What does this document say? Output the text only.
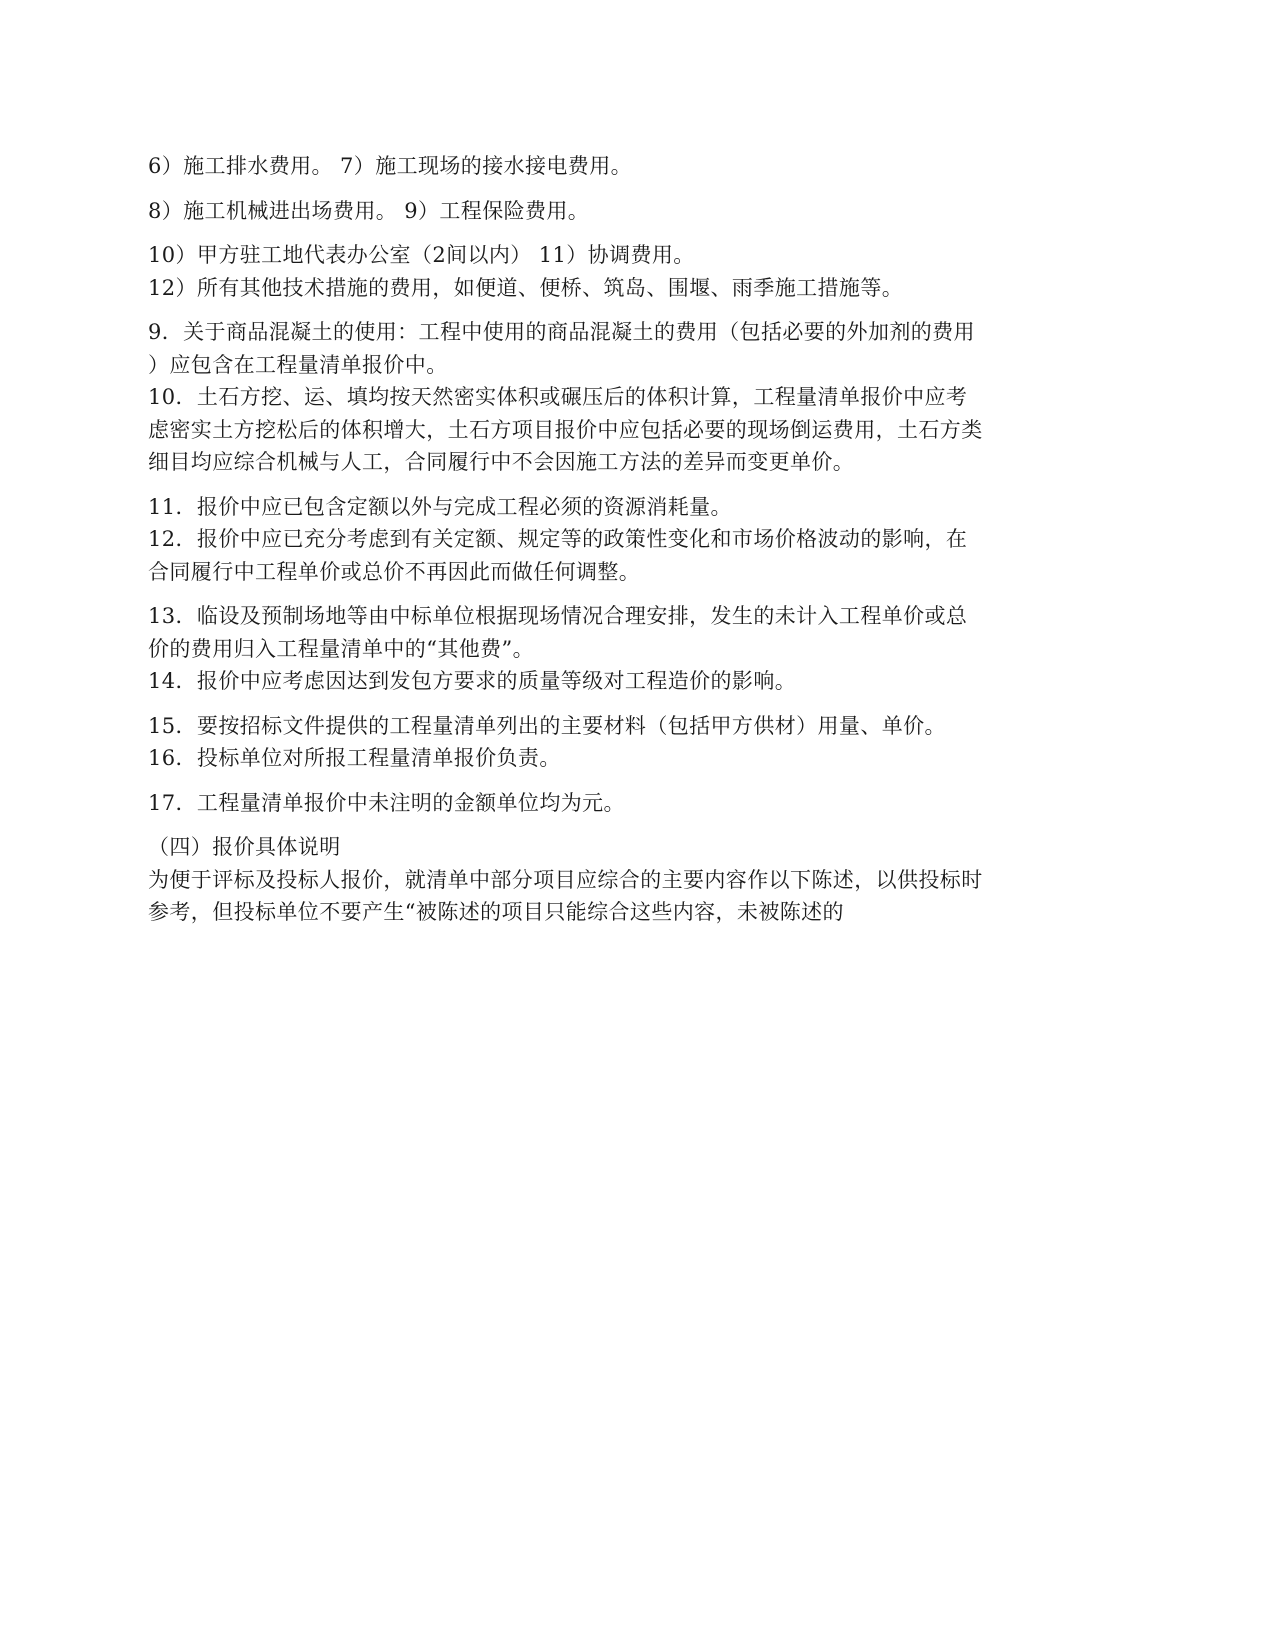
6）施工排水费用。 7）施工现场的接水接电费用。
8）施工机械进出场费用。 9）工程保险费用。
10）甲方驻工地代表办公室（2间以内） 11）协调费用。
12）所有其他技术措施的费用，如便道、便桥、筑岛、围堰、雨季施工措施等。
9．关于商品混凝土的使用：工程中使用的商品混凝土的费用（包括必要的外加剂的费用
）应包含在工程量清单报价中。
10．土石方挖、运、填均按天然密实体积或碾压后的体积计算，工程量清单报价中应考
虑密实土方挖松后的体积增大，土石方项目报价中应包括必要的现场倒运费用，土石方类
细目均应综合机械与人工，合同履行中不会因施工方法的差异而变更单价。
11．报价中应已包含定额以外与完成工程必须的资源消耗量。
12．报价中应已充分考虑到有关定额、规定等的政策性变化和市场价格波动的影响，在
合同履行中工程单价或总价不再因此而做任何调整。
13．临设及预制场地等由中标单位根据现场情况合理安排，发生的未计入工程单价或总
价的费用归入工程量清单中的“其他费”。
14．报价中应考虑因达到发包方要求的质量等级对工程造价的影响。
15．要按招标文件提供的工程量清单列出的主要材料（包括甲方供材）用量、单价。
16．投标单位对所报工程量清单报价负责。
17．工程量清单报价中未注明的金额单位均为元。
（四）报价具体说明
为便于评标及投标人报价，就清单中部分项目应综合的主要内容作以下陈述，以供投标时
参考，但投标单位不要产生“被陈述的项目只能综合这些内容，未被陈述的
